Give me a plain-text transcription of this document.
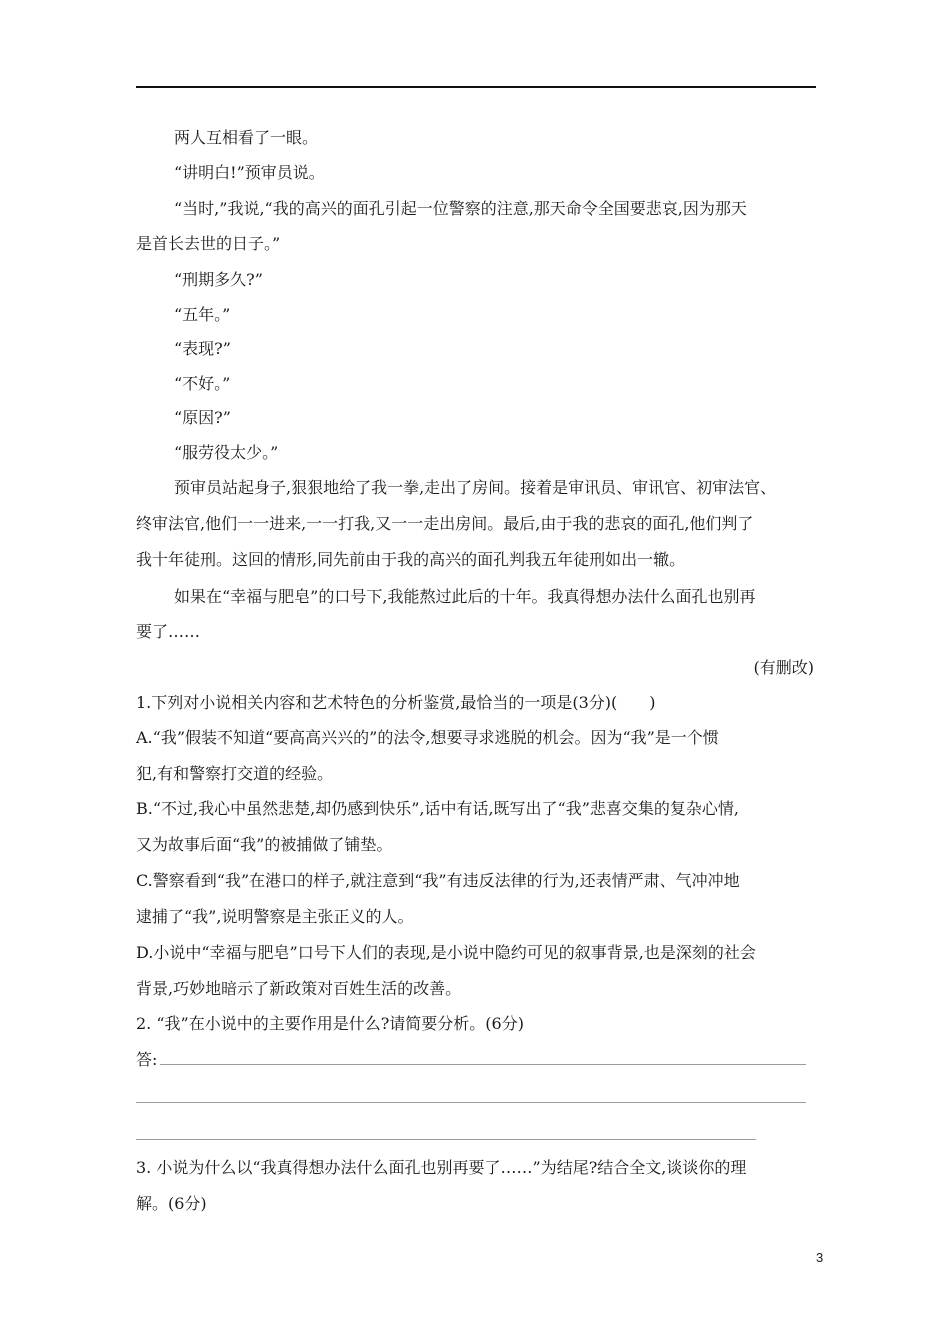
两人互相看了一眼。
“讲明白!”预审员说。
“当时,”我说,“我的高兴的面孔引起一位警察的注意,那天命令全国要悲哀,因为那天
是首长去世的日子。”
“刑期多久?”
“五年。”
“表现?”
“不好。”
“原因?”
“服劳役太少。”
预审员站起身子,狠狠地给了我一拳,走出了房间。接着是审讯员、审讯官、初审法官、
终审法官,他们一一进来,一一打我,又一一走出房间。最后,由于我的悲哀的面孔,他们判了
我十年徒刑。这回的情形,同先前由于我的高兴的面孔判我五年徒刑如出一辙。
如果在“幸福与肥皂”的口号下,我能熬过此后的十年。我真得想办法什么面孔也别再
要了……
(有删改)
1.下列对小说相关内容和艺术特色的分析鉴赏,最恰当的一项是(3分)(　　)
A.“我”假装不知道“要高高兴兴的”的法令,想要寻求逃脱的机会。因为“我”是一个惯
犯,有和警察打交道的经验。
B.“不过,我心中虽然悲楚,却仍感到快乐”,话中有话,既写出了“我”悲喜交集的复杂心情,
又为故事后面“我”的被捕做了铺垫。
C.警察看到“我”在港口的样子,就注意到“我”有违反法律的行为,还表情严肃、气冲冲地
逮捕了“我”,说明警察是主张正义的人。
D.小说中“幸福与肥皂”口号下人们的表现,是小说中隐约可见的叙事背景,也是深刻的社会
背景,巧妙地暗示了新政策对百姓生活的改善。
2. “我”在小说中的主要作用是什么?请简要分析。(6分)
答:
3. 小说为什么以“我真得想办法什么面孔也别再要了……”为结尾?结合全文,谈谈你的理
解。(6分)
3
